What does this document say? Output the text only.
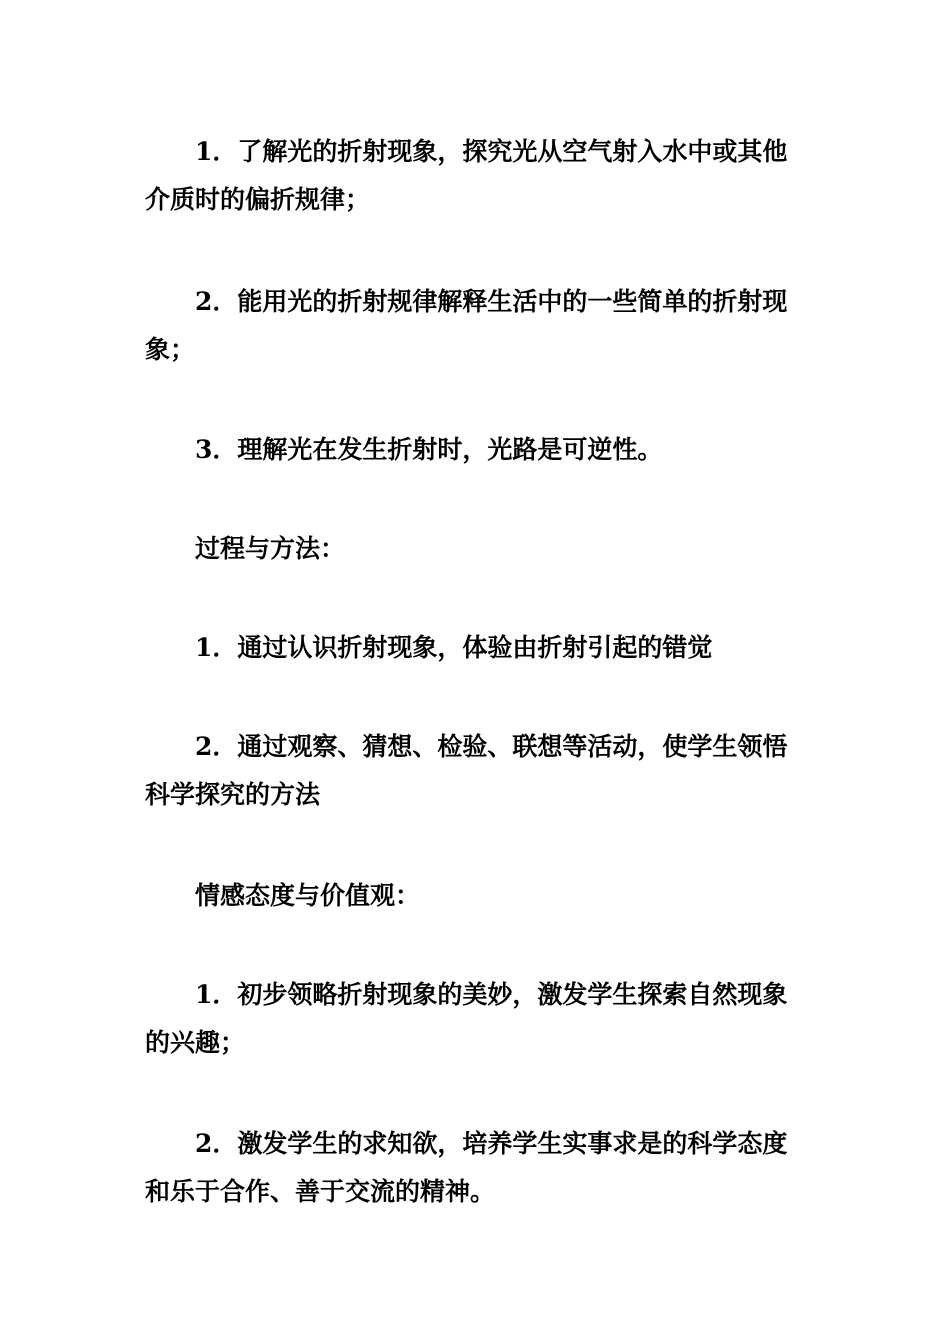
1．了解光的折射现象，探究光从空气射入水中或其他介质时的偏折规律；

2．能用光的折射规律解释生活中的一些简单的折射现象；

3．理解光在发生折射时，光路是可逆性。

过程与方法：

1．通过认识折射现象，体验由折射引起的错觉

2．通过观察、猜想、检验、联想等活动，使学生领悟科学探究的方法

情感态度与价值观：

1．初步领略折射现象的美妙，激发学生探索自然现象的兴趣；

2．激发学生的求知欲，培养学生实事求是的科学态度和乐于合作、善于交流的精神。
